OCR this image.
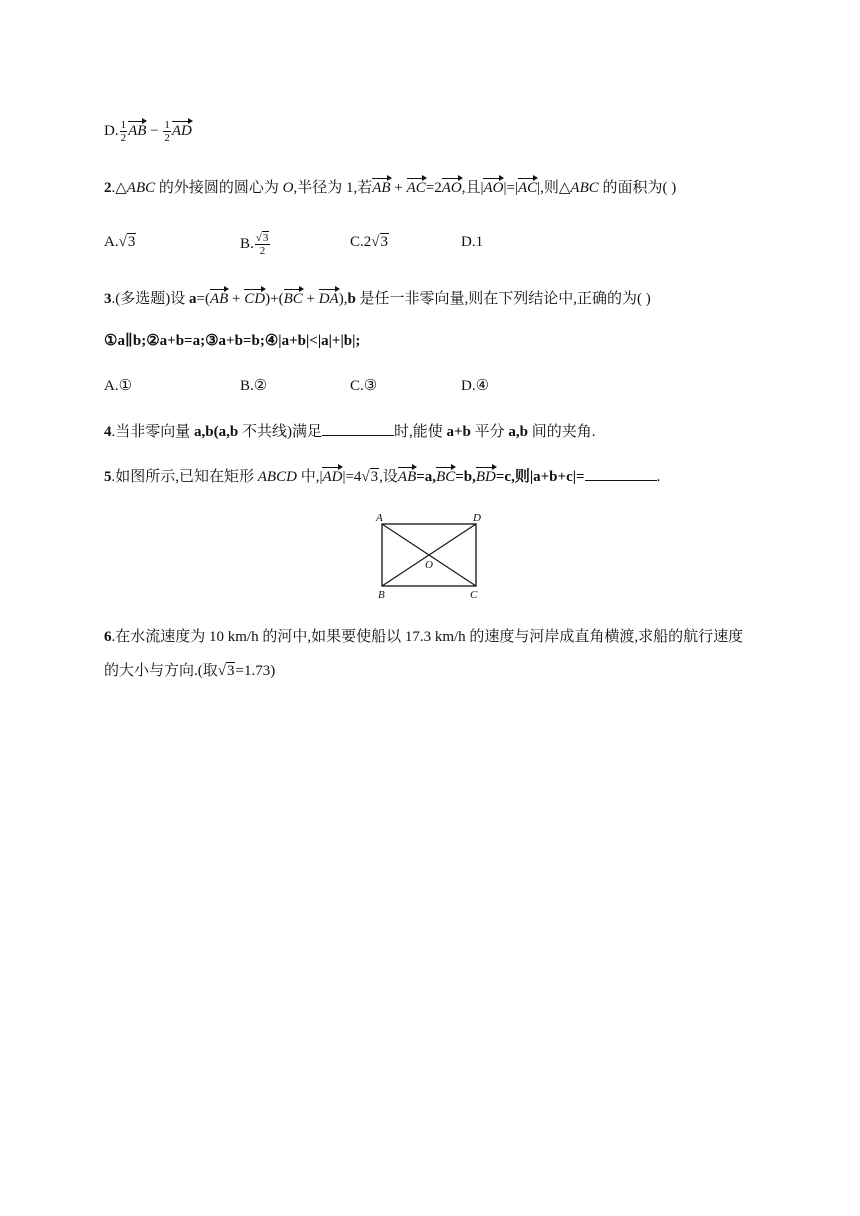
D. $\frac{1}{2}$ AB − $\frac{1}{2}$ AD
2.△ABC 的外接圆的圆心为 O,半径为 1,若AB + AC=2AO,且|AO|=|AC|,则△ABC 的面积为( )
A.√3	B. $\frac{√3}{2}$	C.2√3	D.1
3.(多选题)设 a=(AB + CD)+(BC + DA),b 是任一非零向量,则在下列结论中,正确的为( )
①a∥b;②a+b=a;③a+b=b;④|a+b|<|a|+|b|;
A.①	B.②	C.③	D.④
4.当非零向量 a,b(a,b 不共线)满足	时,能使 a+b 平分 a,b 间的夹角.
5.如图所示,已知在矩形 ABCD 中,|AD|=4√3,设AB=a,BC=b,BD=c,则|a+b+c|=	.
A	D
B	C
O
6.在水流速度为 10 km/h 的河中,如果要使船以 17.3 km/h 的速度与河岸成直角横渡,求船的航行速度
的大小与方向.(取√3=1.73)
